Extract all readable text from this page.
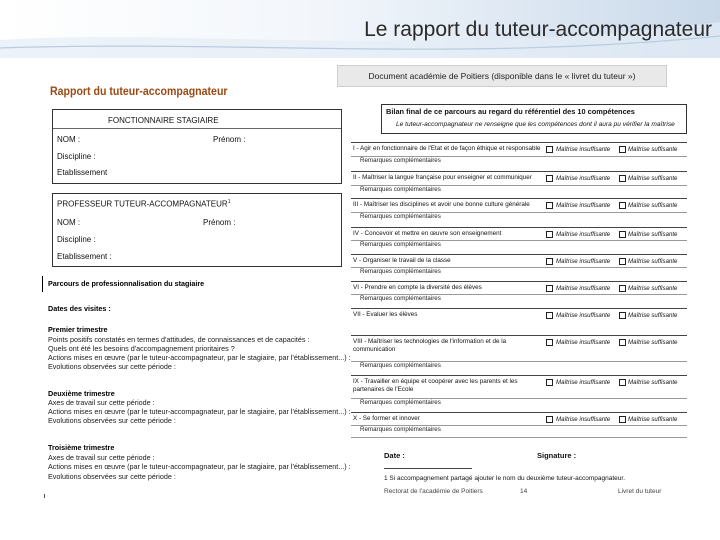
Le rapport du tuteur-accompagnateur
Document académie de Poitiers (disponible dans le « livret du tuteur »)
Rapport du tuteur-accompagnateur
FONCTIONNAIRE STAGIAIRE
NOM :	Prénom :
Discipline :
Etablissement
PROFESSEUR TUTEUR-ACCOMPAGNATEUR$^1$
NOM :	Prénom :
Discipline :
Etablissement :
Parcours de professionnalisation du stagiaire
Dates des visites :
Premier trimestre
Points positifs constatés en termes d'attitudes, de connaissances et de capacités :
Quels ont été les besoins d'accompagnement prioritaires ?
Actions mises en œuvre (par le tuteur-accompagnateur, par le stagiaire, par l'établissement...) :
Evolutions observées sur cette période :
Deuxième trimestre
Axes de travail sur cette période :
Actions mises en œuvre (par le tuteur-accompagnateur, par le stagiaire, par l'établissement...) :
Evolutions observées sur cette période :
Troisième trimestre
Axes de travail sur cette période :
Actions mises en œuvre (par le tuteur-accompagnateur, par le stagiaire, par l'établissement...) :
Evolutions observées sur cette période :
Bilan final de ce parcours au regard du référentiel des 10 compétences
Le tuteur-accompagnateur ne renseigne que les compétences dont il aura pu vérifier la maîtrise
I - Agir en fonctionnaire de l'Etat et de façon éthique et responsable	Maîtrise insuffisante	Maîtrise suffisante
Remarques complémentaires
II - Maîtriser la langue française pour enseigner et communiquer	Maîtrise insuffisante	Maîtrise suffisante
Remarques complémentaires
III - Maîtriser les disciplines et avoir une bonne culture générale	Maîtrise insuffisante	Maîtrise suffisante
Remarques complémentaires
IV - Concevoir et mettre en œuvre son enseignement	Maîtrise insuffisante	Maîtrise suffisante
Remarques complémentaires
V - Organiser le travail de la classe	Maîtrise insuffisante	Maîtrise suffisante
Remarques complémentaires
VI - Prendre en compte la diversité des élèves	Maîtrise insuffisante	Maîtrise suffisante
Remarques complémentaires
VII - Evaluer les élèves	Maîtrise insuffisante	Maîtrise suffisante
VIII - Maîtriser les technologies de l'information et de la communication
Maîtrise insuffisante	Maîtrise suffisante
Remarques complémentaires
IX - Travailler en équipe et coopérer avec les parents et les partenaires de l'Ecole
Maîtrise insuffisante	Maîtrise suffisante
Remarques complémentaires
X - Se former et innover	Maîtrise insuffisante	Maîtrise suffisante
Remarques complémentaires
Date :	Signature :
1 Si accompagnement partagé ajouter le nom du deuxième tuteur-accompagnateur.
Rectorat de l'académie de Poitiers	14	Livret du tuteur
